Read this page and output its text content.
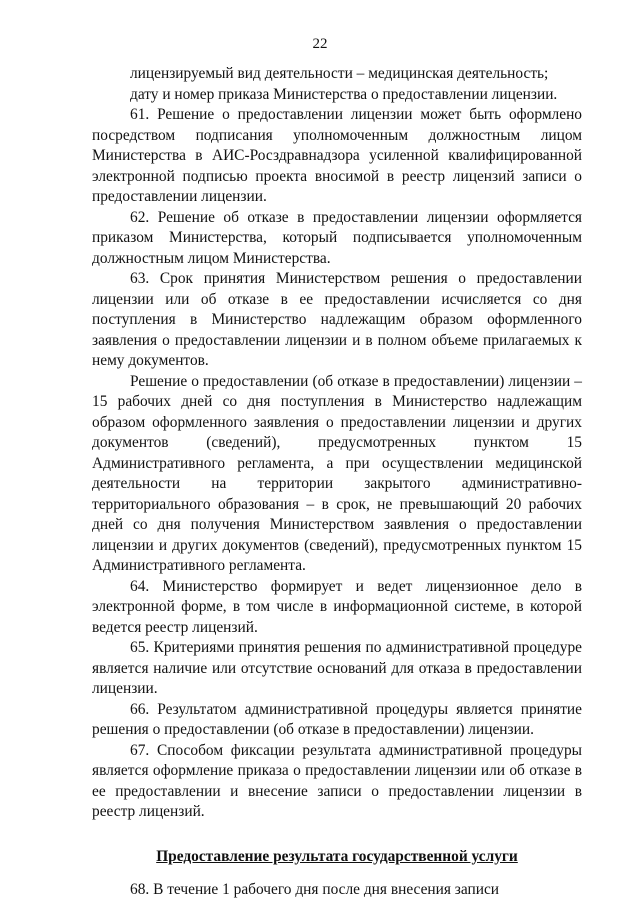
22

лицензируемый вид деятельности – медицинская деятельность;

дату и номер приказа Министерства о предоставлении лицензии.

61. Решение о предоставлении лицензии может быть оформлено посредством подписания уполномоченным должностным лицом Министерства в АИС-Росздравнадзора усиленной квалифицированной электронной подписью проекта вносимой в реестр лицензий записи о предоставлении лицензии.

62. Решение об отказе в предоставлении лицензии оформляется приказом Министерства, который подписывается уполномоченным должностным лицом Министерства.

63. Срок принятия Министерством решения о предоставлении лицензии или об отказе в ее предоставлении исчисляется со дня поступления в Министерство надлежащим образом оформленного заявления о предоставлении лицензии и в полном объеме прилагаемых к нему документов.

Решение о предоставлении (об отказе в предоставлении) лицензии – 15 рабочих дней со дня поступления в Министерство надлежащим образом оформленного заявления о предоставлении лицензии и других документов (сведений), предусмотренных пунктом 15 Административного регламента, а при осуществлении медицинской деятельности на территории закрытого административно-территориального образования – в срок, не превышающий 20 рабочих дней со дня получения Министерством заявления о предоставлении лицензии и других документов (сведений), предусмотренных пунктом 15 Административного регламента.

64. Министерство формирует и ведет лицензионное дело в электронной форме, в том числе в информационной системе, в которой ведется реестр лицензий.

65. Критериями принятия решения по административной процедуре является наличие или отсутствие оснований для отказа в предоставлении лицензии.

66. Результатом административной процедуры является принятие решения о предоставлении (об отказе в предоставлении) лицензии.

67. Способом фиксации результата административной процедуры является оформление приказа о предоставлении лицензии или об отказе в ее предоставлении и внесение записи о предоставлении лицензии в реестр лицензий.

Предоставление результата государственной услуги

68. В течение 1 рабочего дня после дня внесения записи
